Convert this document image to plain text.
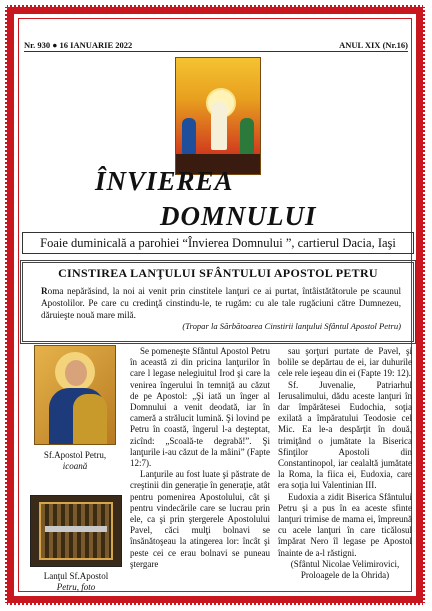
Nr. 930 ● 16 IANUARIE 2022	ANUL XIX (Nr.16)
ÎNVIEREA
DOMNULUI
Foaie duminicală a parohiei “Învierea Domnului ”, cartierul Dacia, Iaşi
CINSTIREA LANŢULUI SFÂNTULUI APOSTOL PETRU
Roma nepărăsind, la noi ai venit prin cinstitele lanţuri ce ai purtat, întâistătătorule pe scaunul Apostolilor. Pe care cu credinţă cinstindu-le, te rugăm: cu ale tale rugăciuni către Dumnezeu, dăruieşte nouă mare milă.
(Tropar la Sărbătoarea Cinstirii lanţului Sfântul Apostol Petru)
Sf.Apostol Petru,
icoană
Lanţul Sf.Apostol
Petru, foto

Se pomeneşte Sfântul Apostol Petru în această zi din pricina lanţurilor în care l legase nelegiuitul Irod şi care la venirea îngerului în temniţă au căzut de pe Apostol: „Şi iată un înger al Domnului a venit deodată, iar în cameră a strălucit lumină. Şi lovind pe Petru în coastă, îngerul l-a deşteptat, zicînd: „Scoală-te degrabă!”. Şi lanţurile i-au căzut de la mâini” (Fapte 12:7).

Lanţurile au fost luate şi păstrate de creştinii din generaţie în generaţie, atât pentru pomenirea Apostolului, cât şi pentru vindecările care se lucrau prin ele, ca şi prin ştergerele Apostolului Pavel, căci mulţi bolnavi se însănătoşeau la atingerea lor: încât şi peste cei ce erau bolnavi se puneau ştergare

sau şorţuri purtate de Pavel, şi bolile se depărtau de ei, iar duhurile cele rele ieşeau din ei (Fapte 19: 12).

Sf. Juvenalie, Patriarhul Ierusalimului, dădu aceste lanţuri în dar împărătesei Eudochia, soţia exilată a împăratului Teodosie cel Mic. Ea le-a despărţit în două, trimiţând o jumătate la Biserica Sfinţilor Apostoli din Constantinopol, iar cealaltă jumătate la Roma, la fiica ei, Eudoxia, care era soţia lui Valentinian III.

Eudoxia a zidit Biserica Sfântului Petru şi a pus în ea aceste sfinte lanţuri trimise de mama ei, împreună cu acele lanţuri în care ticălosul împărat Nero îl legase pe Apostol înainte de a-l răstigni.

(Sfântul Nicolae Velimirovici,

Proloagele de la Ohrida)
